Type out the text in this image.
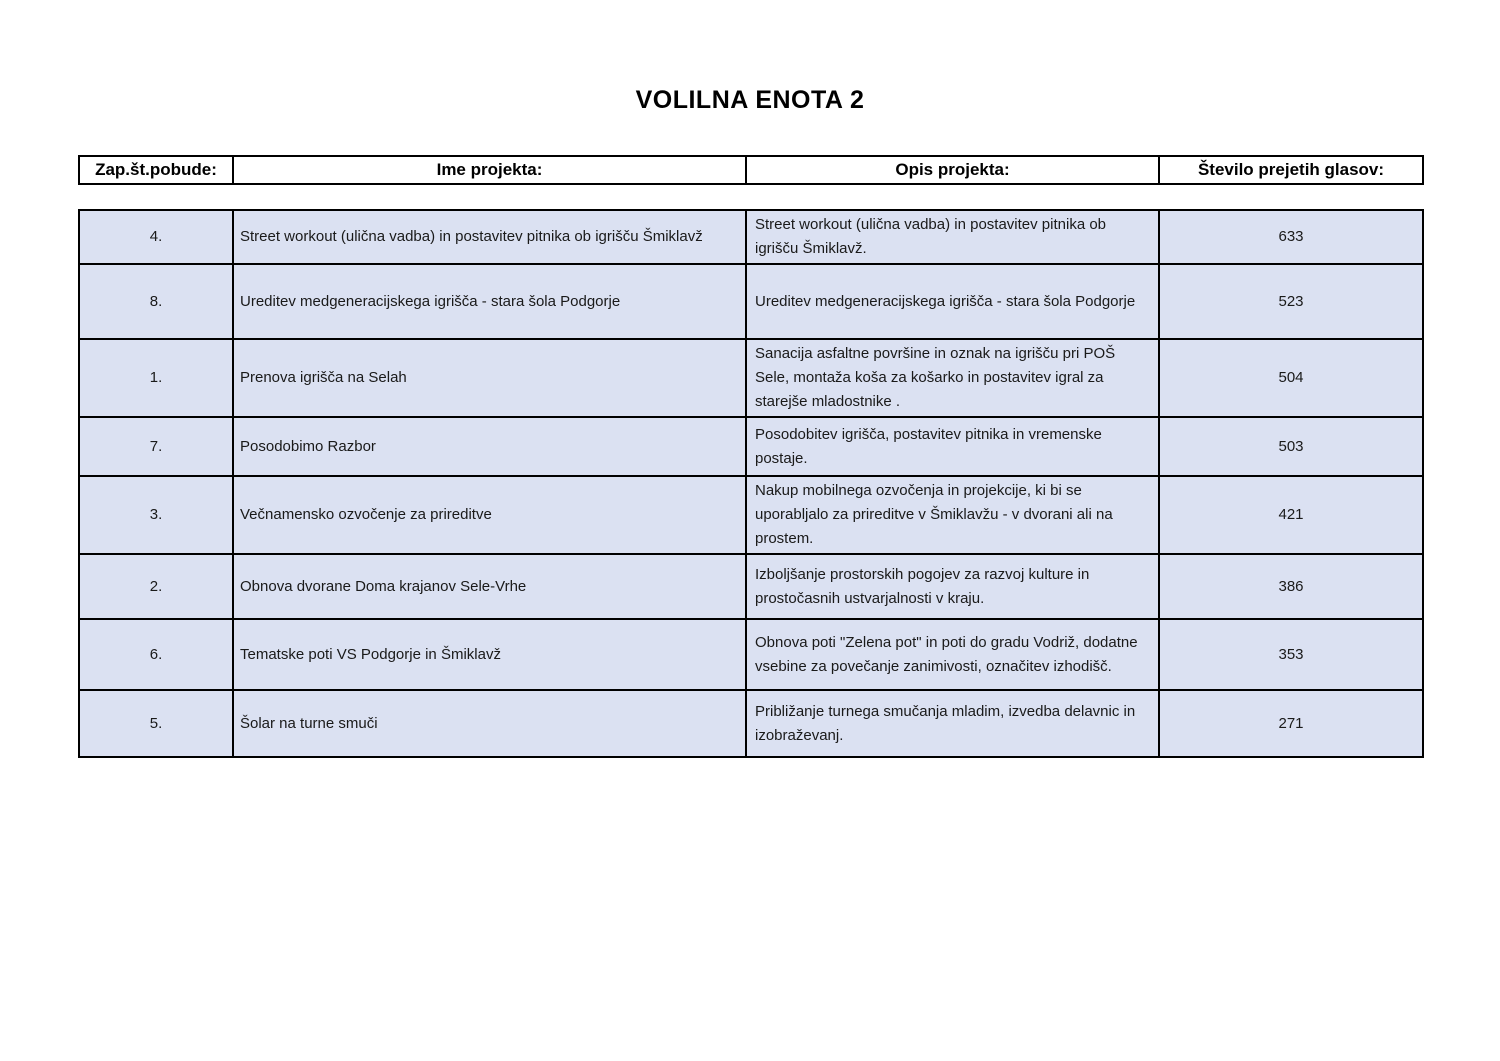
VOLILNA ENOTA 2
Zap.št.pobude:	Ime projekta:	Opis projekta:	Število prejetih glasov:
4.	Street workout (ulična vadba) in postavitev pitnika ob igrišču Šmiklavž	Street workout (ulična vadba) in postavitev pitnika ob igrišču Šmiklavž.	633
8.	Ureditev medgeneracijskega igrišča - stara šola Podgorje	Ureditev medgeneracijskega igrišča - stara šola Podgorje	523
1.	Prenova igrišča na Selah	Sanacija asfaltne površine in oznak na igrišču pri POŠ Sele, montaža koša za košarko in postavitev igral za starejše mladostnike .	504
7.	Posodobimo Razbor	Posodobitev igrišča, postavitev pitnika in vremenske postaje.	503
3.	Večnamensko ozvočenje za prireditve	Nakup mobilnega ozvočenja in projekcije, ki bi se uporabljalo za prireditve v Šmiklavžu - v dvorani ali na prostem.	421
2.	Obnova dvorane Doma krajanov Sele-Vrhe	Izboljšanje prostorskih pogojev za razvoj kulture in prostočasnih ustvarjalnosti v kraju.	386
6.	Tematske poti VS Podgorje in Šmiklavž	Obnova poti "Zelena pot" in poti do gradu Vodriž, dodatne vsebine za povečanje zanimivosti, označitev izhodišč.	353
5.	Šolar na turne smuči	Približanje turnega smučanja mladim, izvedba delavnic in izobraževanj.	271
